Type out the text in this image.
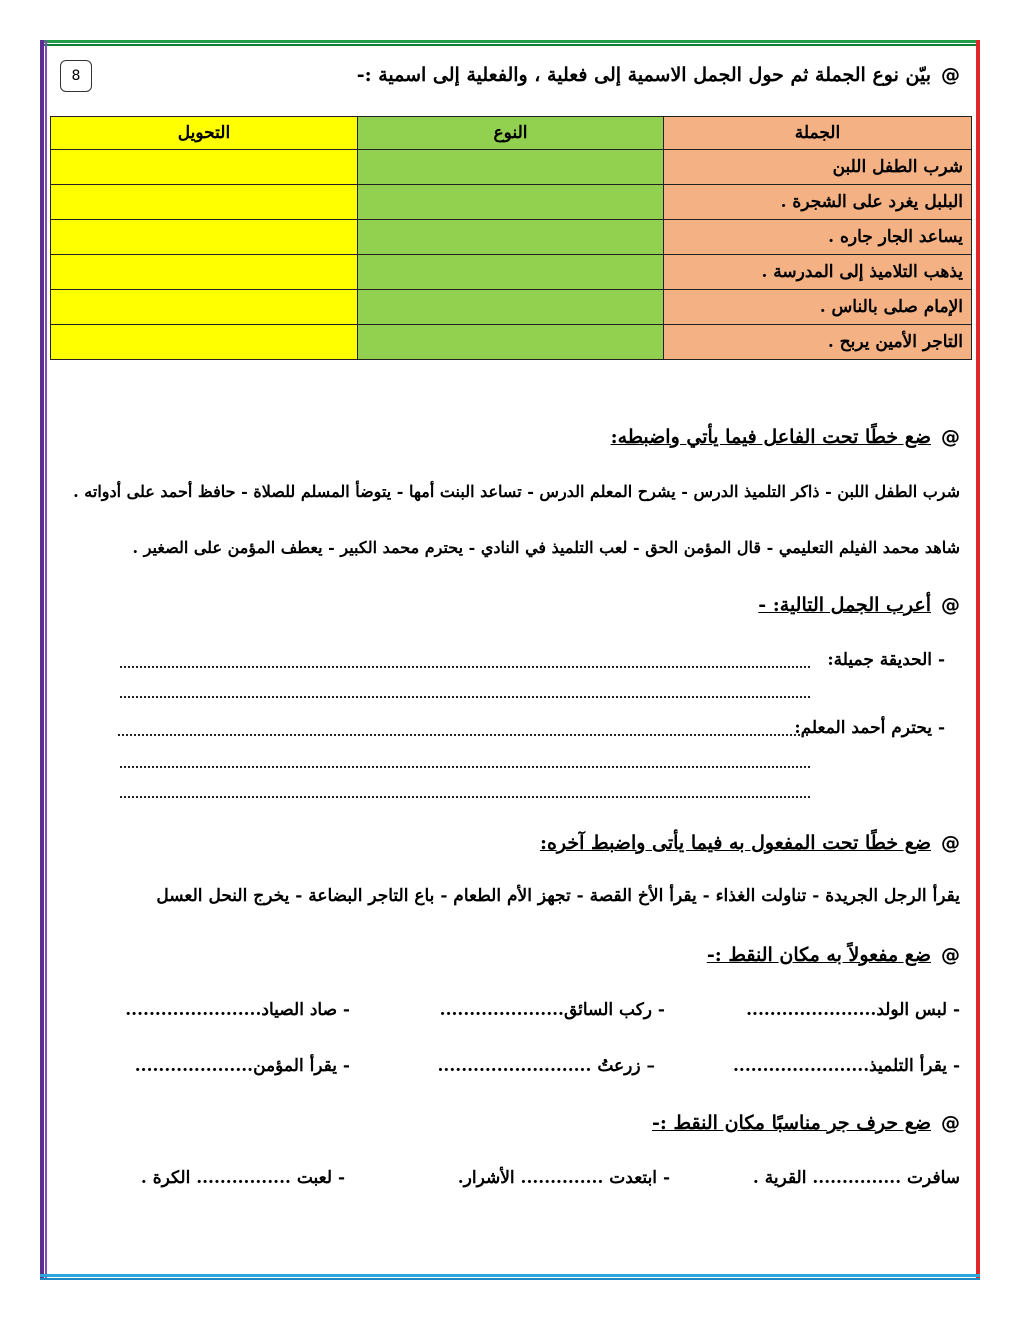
8	@بيّن نوع الجملة ثم حول الجمل الاسمية إلى فعلية ، والفعلية إلى اسمية :-
الجملة	النوع	التحويل
شرب الطفل اللبن		
البلبل يغرد على الشجرة .		
يساعد الجار جاره .		
يذهب التلاميذ إلى المدرسة .		
الإمام صلى بالناس .		
التاجر الأمين يربح .		
@ضع خطًا تحت الفاعل فيما يأتي واضبطه:
شرب الطفل اللبن - ذاكر التلميذ الدرس - يشرح المعلم الدرس - تساعد البنت أمها - يتوضأ المسلم للصلاة - حافظ أحمد على أدواته .
شاهد محمد الفيلم التعليمي - قال المؤمن الحق - لعب التلميذ في النادي - يحترم محمد الكبير - يعطف المؤمن على الصغير .
@أعرب الجمل التالية: -
- الحديقة جميلة:
- يحترم أحمد المعلم:
@ضع خطًا تحت المفعول به فيما يأتى واضبط آخره:
يقرأ الرجل الجريدة - تناولت الغذاء - يقرأ الأخ القصة - تجهز الأم الطعام - باع التاجر البضاعة - يخرج النحل العسل
@ضع مفعولاً به مكان النقط :-
- لبس الولد......................
- ركب السائق.....................
- صاد الصياد.......................
- يقرأ التلميذ.......................
– زرعتُ ..........................
- يقرأ المؤمن....................
@ضع حرف جر مناسبًا مكان النقط :-
سافرت ............... القرية .
- ابتعدت .............. الأشرار.
- لعبت ................ الكرة .
